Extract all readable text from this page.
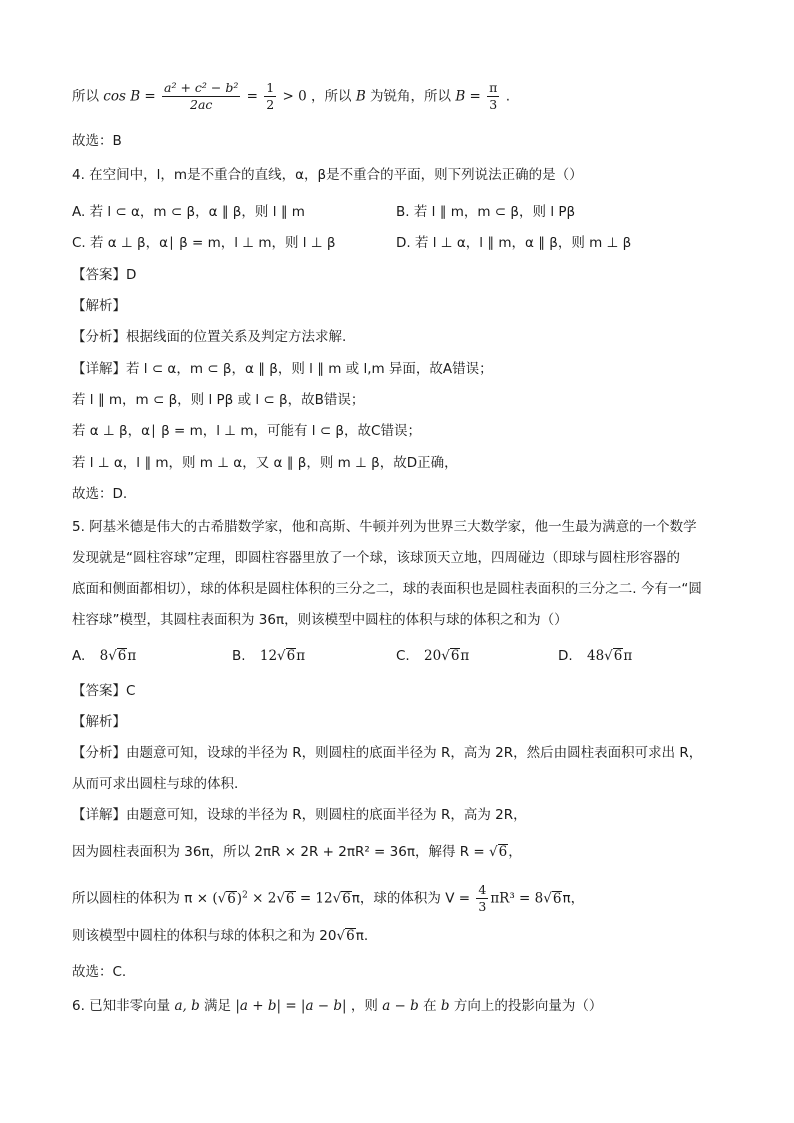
所以 $\cos B = \frac{\text{a² + c² − b²}}{2ac} = \frac{1}{2} > 0$ ，所以 B 为锐角，所以 $B = \frac{\pi}{3}$ .
故选：B
4. 在空间中，l，m是不重合的直线，α，β是不重合的平面，则下列说法正确的是（）
A. 若 l ⊂ α，m ⊂ β，α ∥ β，则 l ∥ m	B. 若 l ∥ m，m ⊂ β，则 l Pβ
C. 若 α ⊥ β，α∣ β = m，l ⊥ m，则 l ⊥ β	D. 若 l ⊥ α，l ∥ m，α ∥ β，则 m ⊥ β
【答案】D
【解析】
【分析】根据线面的位置关系及判定方法求解.
【详解】若 l ⊂ α，m ⊂ β，α ∥ β，则 l ∥ m 或 l,m 异面，故A错误；
若 l ∥ m，m ⊂ β，则 l Pβ 或 l ⊂ β，故B错误；
若 α ⊥ β，α∣ β = m，l ⊥ m，可能有 l ⊂ β，故C错误；
若 l ⊥ α，l ∥ m，则 m ⊥ α，又 α ∥ β，则 m ⊥ β，故D正确，
故选：D.
5. 阿基米德是伟大的古希腊数学家，他和高斯、牛顿并列为世界三大数学家，他一生最为满意的一个数学
发现就是“圆柱容球”定理，即圆柱容器里放了一个球，该球顶天立地，四周碰边（即球与圆柱形容器的
底面和侧面都相切），球的体积是圆柱体积的三分之二，球的表面积也是圆柱表面积的三分之二. 今有一“圆
柱容球”模型，其圆柱表面积为 36π，则该模型中圆柱的体积与球的体积之和为（）
A. 8√6π	B. 12√6π	C. 20√6π	D. 48√6π
【答案】C
【解析】
【分析】由题意可知，设球的半径为 R，则圆柱的底面半径为 R，高为 2R，然后由圆柱表面积可求出 R，
从而可求出圆柱与球的体积.
【详解】由题意可知，设球的半径为 R，则圆柱的底面半径为 R，高为 2R，
因为圆柱表面积为 36π，所以 2πR × 2R + 2πR² = 36π，解得 R = √6，
所以圆柱的体积为 $\pi \times (√6)^2 \times 2√6 = 12√6\pi$，球的体积为 $V = \frac{4}{3} \pi R^3 = 8√6\pi$，
则该模型中圆柱的体积与球的体积之和为 20√6π.
故选：C.
6. 已知非零向量 a, b 满足 |a + b| = |a − b| ，则 a − b 在 b 方向上的投影向量为（）
